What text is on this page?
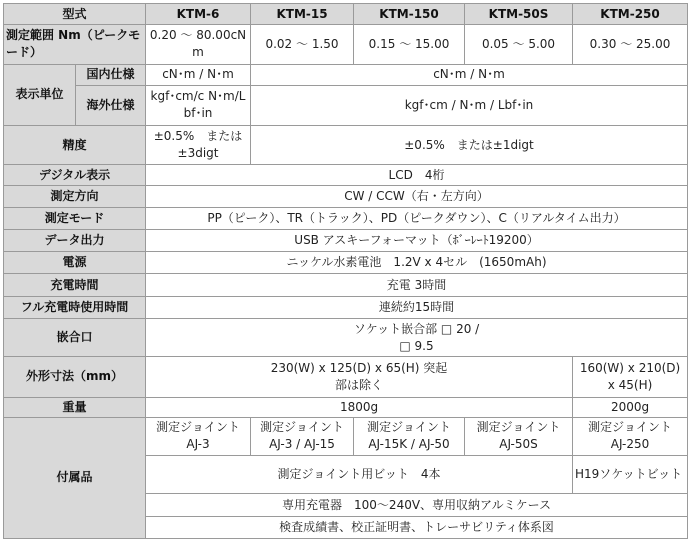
型式		KTM-6	KTM-15	KTM-150	KTM-50S	KTM-250
測定範囲 Nm（ピークモード）		0.20 〜 80.00cNm	0.02 〜 1.50	0.15 〜 15.00	0.05 〜 5.00	0.30 〜 25.00
表示単位	国内仕様	cN･m / N･m	cN･m / N･m			
	海外仕様	kgf･cm/c N･m/Lbf･in	kgf･cm / N･m / Lbf･in			
精度		±0.5%　または ±3digt	±0.5%　または±1digt			
デジタル表示		LCD　4桁				
測定方向		CW / CCW（右・左方向）				
測定モード		PP（ピーク）、TR（トラック）、PD（ピークダウン）、C（リアルタイム出力）				
データ出力		USB アスキーフォーマット（ﾎﾞｰﾚｰﾄ19200）				
電源		ニッケル水素電池　1.2V x 4セル　(1650mAh)				
充電時間		充電 3時間				
フル充電時使用時間		連続約15時間				
嵌合口		ソケット嵌合部 □ 20 / □ 9.5				

外形寸法（mm）		230(W) x 125(D) x 65(H) 突起部は除く				160(W) x 210(D) x 45(H)
重量		1800g				2000g
付属品		測定ジョイント AJ-3	測定ジョイント AJ-3 / AJ-15	測定ジョイント AJ-15K / AJ-50	測定ジョイント AJ-50S	測定ジョイント AJ-250

		測定ジョイント用ビット　4本				H19ソケットビット
		専用充電器　100〜240V、専用収納アルミケース				
		検査成績書、校正証明書、トレーサビリティ体系図				
